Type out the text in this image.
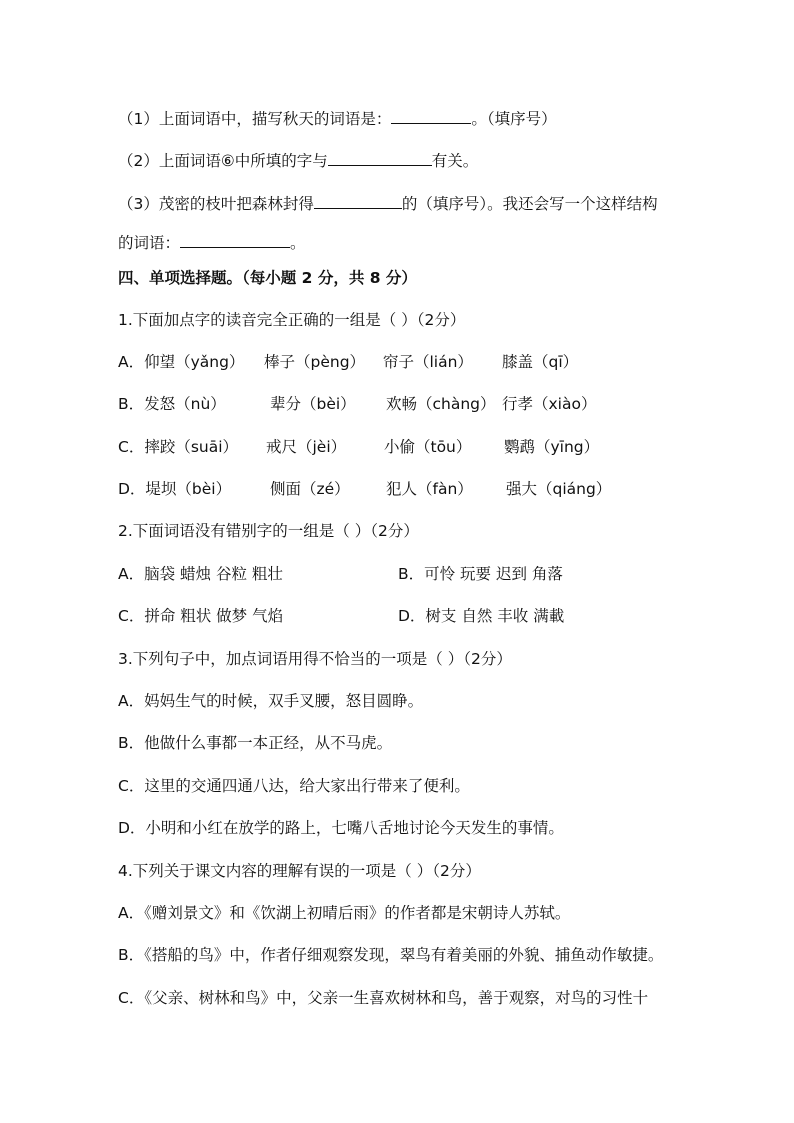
（1）上面词语中，描写秋天的词语是：	。（填序号）
（2）上面词语⑥中所填的字与	有关。
（3）茂密的枝叶把森林封得	的（填序号）。我还会写一个这样结构
的词语：	。
四、单项选择题。（每小题 2 分，共 8 分）
1.下面加点字的读音完全正确的一组是（ ）（2分）
A．仰望（yǎng） 棒子（pèng） 帘子（lián） 膝盖（qī）
B．发怒（nù）	辈分（bèi） 欢畅（chàng） 行孝（xiào）
C．摔跤（suāi） 戒尺（jèi） 小偷（tōu） 鹦鹉（yīng）
D．堤坝（bèi）	侧面（zé） 犯人（fàn） 强大（qiáng）
2.下面词语没有错别字的一组是（ ）（2分）
A．脑袋 蜡烛 谷粒 粗壮	B．可怜 玩要 迟到 角落
C．拼命 粗状 做梦 气焰	D．树支 自然 丰收 满載
3.下列句子中，加点词语用得不恰当的一项是（ ）（2分）
A．妈妈生气的时候，双手叉腰，怒目圆睁。
B．他做什么事都一本正经，从不马虎。
C．这里的交通四通八达，给大家出行带来了便利。
D．小明和小红在放学的路上，七嘴八舌地讨论今天发生的事情。
4.下列关于课文内容的理解有误的一项是（ ）（2分）
A．《赠刘景文》和《饮湖上初晴后雨》的作者都是宋朝诗人苏轼。
B．《搭船的鸟》中，作者仔细观察发现，翠鸟有着美丽的外貌、捕鱼动作敏捷。
C．《父亲、树林和鸟》中，父亲一生喜欢树林和鸟，善于观察，对鸟的习性十
